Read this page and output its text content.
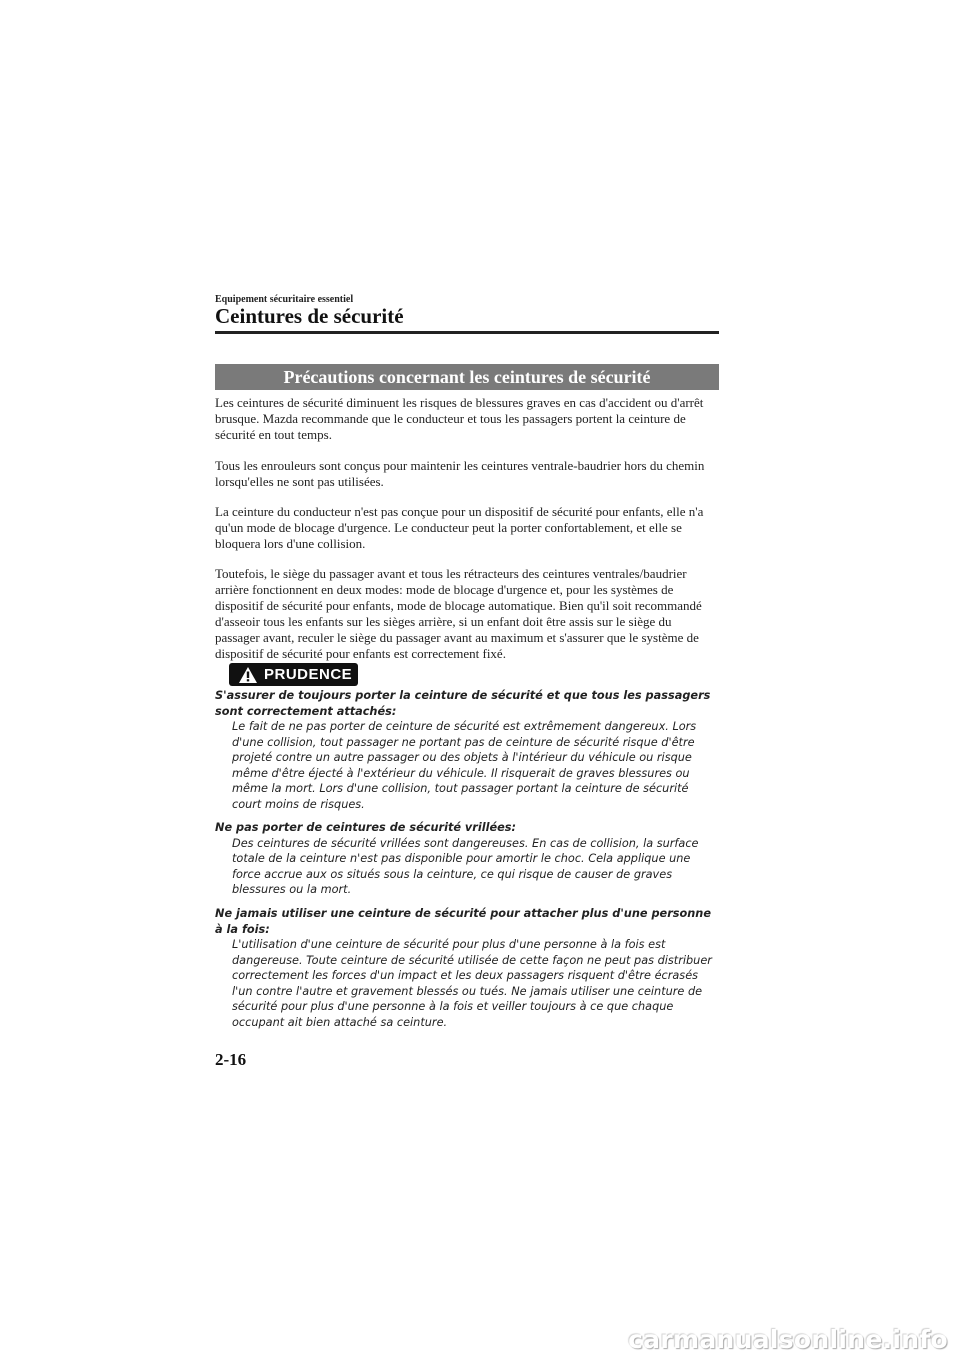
Equipement sécuritaire essentiel
Ceintures de sécurité
Précautions concernant les ceintures de sécurité
Les ceintures de sécurité diminuent les risques de blessures graves en cas d'accident ou d'arrêt brusque. Mazda recommande que le conducteur et tous les passagers portent la ceinture de sécurité en tout temps.
Tous les enrouleurs sont conçus pour maintenir les ceintures ventrale-baudrier hors du chemin lorsqu'elles ne sont pas utilisées.
La ceinture du conducteur n'est pas conçue pour un dispositif de sécurité pour enfants, elle n'a qu'un mode de blocage d'urgence. Le conducteur peut la porter confortablement, et elle se bloquera lors d'une collision.
Toutefois, le siège du passager avant et tous les rétracteurs des ceintures ventrales/baudrier arrière fonctionnent en deux modes: mode de blocage d'urgence et, pour les systèmes de dispositif de sécurité pour enfants, mode de blocage automatique. Bien qu'il soit recommandé d'asseoir tous les enfants sur les sièges arrière, si un enfant doit être assis sur le siège du passager avant, reculer le siège du passager avant au maximum et s'assurer que le système de dispositif de sécurité pour enfants est correctement fixé.
PRUDENCE
S'assurer de toujours porter la ceinture de sécurité et que tous les passagers sont correctement attachés:
Le fait de ne pas porter de ceinture de sécurité est extrêmement dangereux. Lors d'une collision, tout passager ne portant pas de ceinture de sécurité risque d'être projeté contre un autre passager ou des objets à l'intérieur du véhicule ou risque même d'être éjecté à l'extérieur du véhicule. Il risquerait de graves blessures ou même la mort. Lors d'une collision, tout passager portant la ceinture de sécurité court moins de risques.
Ne pas porter de ceintures de sécurité vrillées:
Des ceintures de sécurité vrillées sont dangereuses. En cas de collision, la surface totale de la ceinture n'est pas disponible pour amortir le choc. Cela applique une force accrue aux os situés sous la ceinture, ce qui risque de causer de graves blessures ou la mort.
Ne jamais utiliser une ceinture de sécurité pour attacher plus d'une personne à la fois:
L'utilisation d'une ceinture de sécurité pour plus d'une personne à la fois est dangereuse. Toute ceinture de sécurité utilisée de cette façon ne peut pas distribuer correctement les forces d'un impact et les deux passagers risquent d'être écrasés l'un contre l'autre et gravement blessés ou tués. Ne jamais utiliser une ceinture de sécurité pour plus d'une personne à la fois et veiller toujours à ce que chaque occupant ait bien attaché sa ceinture.
2-16
carmanualsonline.info
